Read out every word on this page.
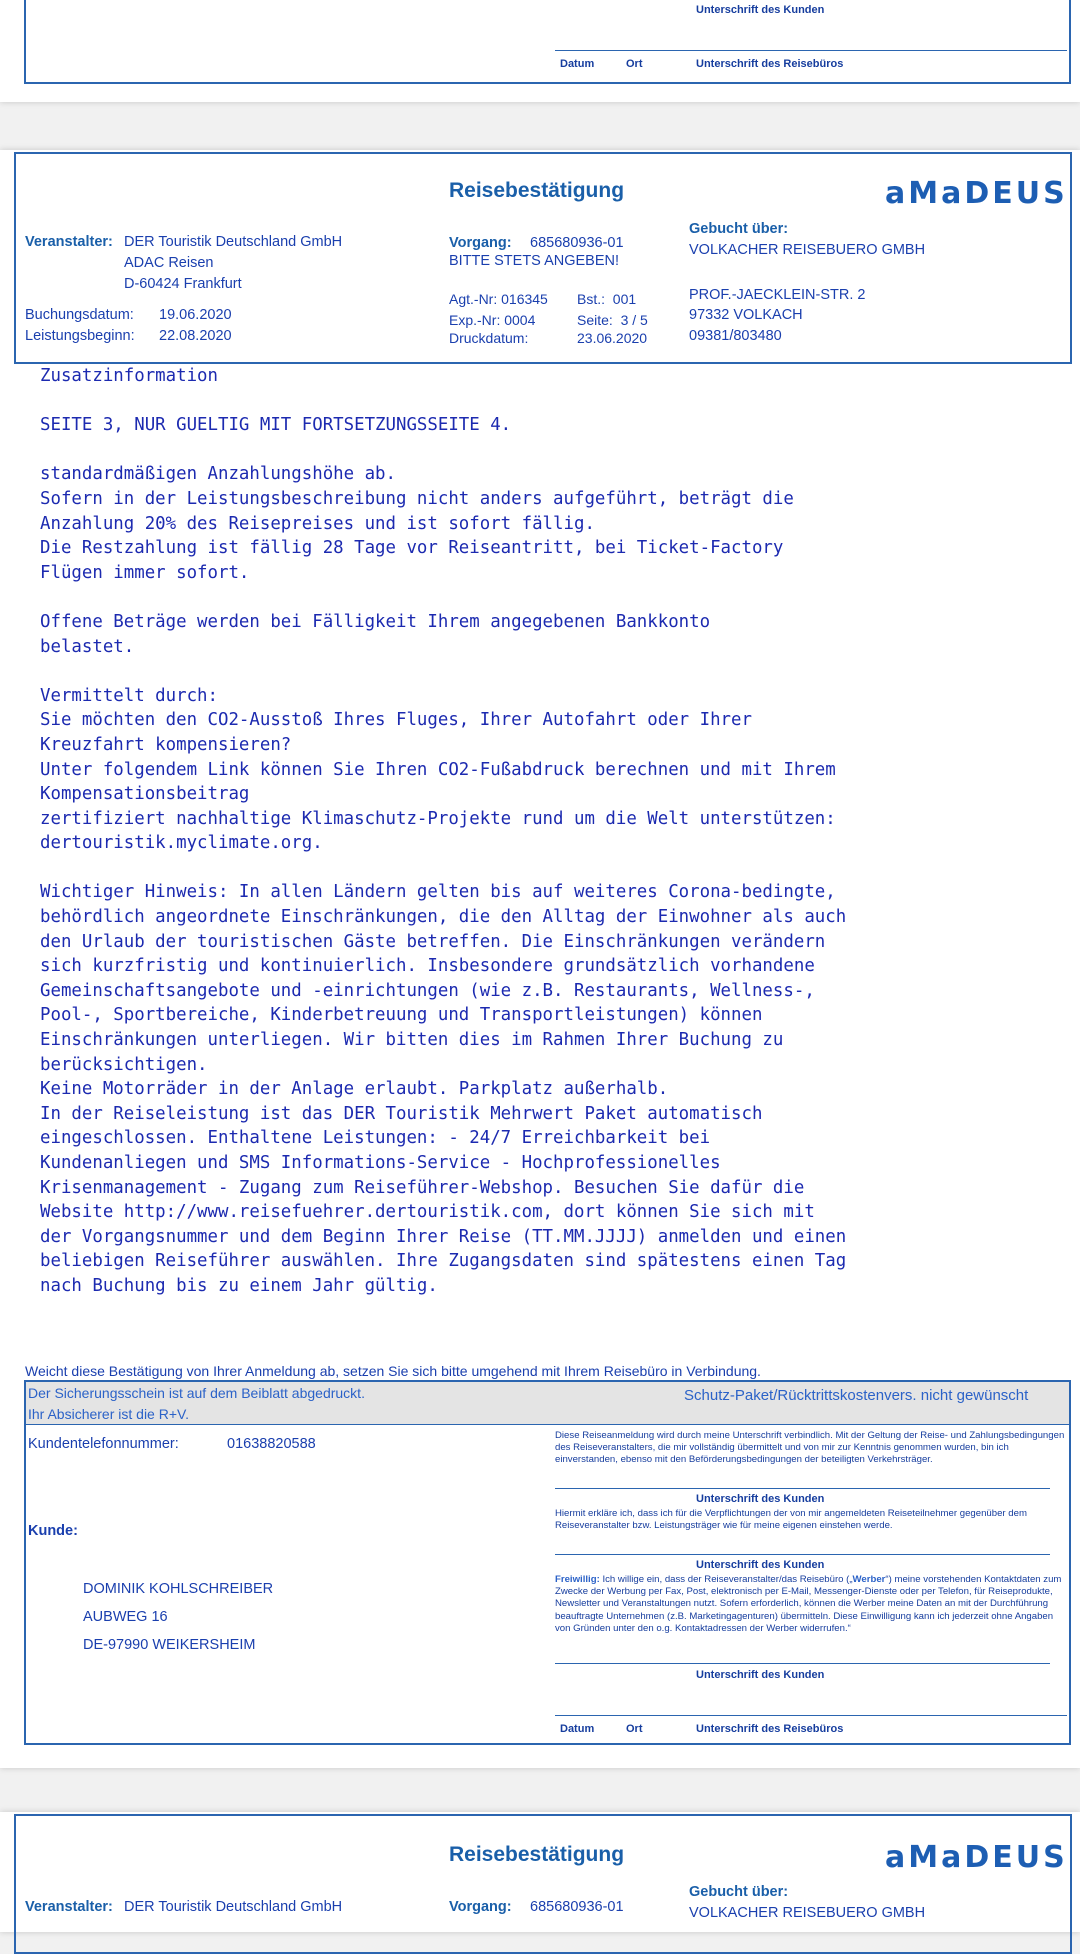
Unterschrift des Kunden
Datum	Ort	Unterschrift des Reisebüros
Reisebestätigung	aMaDEUS
Veranstalter: DER Touristik Deutschland GmbH
ADAC Reisen
D-60424 Frankfurt
Buchungsdatum: 19.06.2020
Leistungsbeginn: 22.08.2020
Vorgang: 685680936-01
BITTE STETS ANGEBEN!
Agt.-Nr: 016345 Bst.:  001
Exp.-Nr: 0004	Seite:  3 / 5
Druckdatum:	23.06.2020
Gebucht über:
VOLKACHER REISEBUERO GMBH
PROF.-JAECKLEIN-STR. 2
97332 VOLKACH
09381/803480
Zusatzinformation
SEITE 3, NUR GUELTIG MIT FORTSETZUNGSSEITE 4.
standardmäßigen Anzahlungshöhe ab.
Sofern in der Leistungsbeschreibung nicht anders aufgeführt, beträgt die
Anzahlung 20% des Reisepreises und ist sofort fällig.
Die Restzahlung ist fällig 28 Tage vor Reiseantritt, bei Ticket-Factory
Flügen immer sofort.
Offene Beträge werden bei Fälligkeit Ihrem angegebenen Bankkonto
belastet.
Vermittelt durch:
Sie möchten den CO2-Ausstoß Ihres Fluges, Ihrer Autofahrt oder Ihrer
Kreuzfahrt kompensieren?
Unter folgendem Link können Sie Ihren CO2-Fußabdruck berechnen und mit Ihrem
Kompensationsbeitrag
zertifiziert nachhaltige Klimaschutz-Projekte rund um die Welt unterstützen:
dertouristik.myclimate.org.
Wichtiger Hinweis: In allen Ländern gelten bis auf weiteres Corona-bedingte,
behördlich angeordnete Einschränkungen, die den Alltag der Einwohner als auch
den Urlaub der touristischen Gäste betreffen. Die Einschränkungen verändern
sich kurzfristig und kontinuierlich. Insbesondere grundsätzlich vorhandene
Gemeinschaftsangebote und -einrichtungen (wie z.B. Restaurants, Wellness-,
Pool-, Sportbereiche, Kinderbetreuung und Transportleistungen) können
Einschränkungen unterliegen. Wir bitten dies im Rahmen Ihrer Buchung zu
berücksichtigen.
Keine Motorräder in der Anlage erlaubt. Parkplatz außerhalb.
In der Reiseleistung ist das DER Touristik Mehrwert Paket automatisch
eingeschlossen. Enthaltene Leistungen: - 24/7 Erreichbarkeit bei
Kundenanliegen und SMS Informations-Service - Hochprofessionelles
Krisenmanagement - Zugang zum Reiseführer-Webshop. Besuchen Sie dafür die
Website http://www.reisefuehrer.dertouristik.com, dort können Sie sich mit
der Vorgangsnummer und dem Beginn Ihrer Reise (TT.MM.JJJJ) anmelden und einen
beliebigen Reiseführer auswählen. Ihre Zugangsdaten sind spätestens einen Tag
nach Buchung bis zu einem Jahr gültig.
Weicht diese Bestätigung von Ihrer Anmeldung ab, setzen Sie sich bitte umgehend mit Ihrem Reisebüro in Verbindung.
Der Sicherungsschein ist auf dem Beiblatt abgedruckt.
Ihr Absicherer ist die R+V.
Schutz-Paket/Rücktrittskostenvers. nicht gewünscht
Kundentelefonnummer:	01638820588
Kunde:
DOMINIK KOHLSCHREIBER
AUBWEG 16
DE-97990 WEIKERSHEIM
Diese Reiseanmeldung wird durch meine Unterschrift verbindlich. Mit der Geltung der Reise- und Zahlungsbedingungen des Reiseveranstalters, die mir vollständig übermittelt und von mir zur Kenntnis genommen wurden, bin ich einverstanden, ebenso mit den Beförderungsbedingungen der beteiligten Verkehrsträger.
Unterschrift des Kunden
Hiermit erkläre ich, dass ich für die Verpflichtungen der von mir angemeldeten Reiseteilnehmer gegenüber dem Reiseveranstalter bzw. Leistungsträger wie für meine eigenen einstehen werde.
Unterschrift des Kunden
Freiwillig: Ich willige ein, dass der Reiseveranstalter/das Reisebüro („Werber“) meine vorstehenden Kontaktdaten zum Zwecke der Werbung per Fax, Post, elektronisch per E-Mail, Messenger-Dienste oder per Telefon, für Reiseprodukte, Newsletter und Veranstaltungen nutzt. Sofern erforderlich, können die Werber meine Daten an mit der Durchführung beauftragte Unternehmen (z.B. Marketingagenturen) übermitteln. Diese Einwilligung kann ich jederzeit ohne Angaben von Gründen unter den o.g. Kontaktadressen der Werber widerrufen.“
Unterschrift des Kunden
Datum	Ort	Unterschrift des Reisebüros
Reisebestätigung	aMaDEUS
Gebucht über:
VOLKACHER REISEBUERO GMBH
Veranstalter: DER Touristik Deutschland GmbH	Vorgang: 685680936-01
